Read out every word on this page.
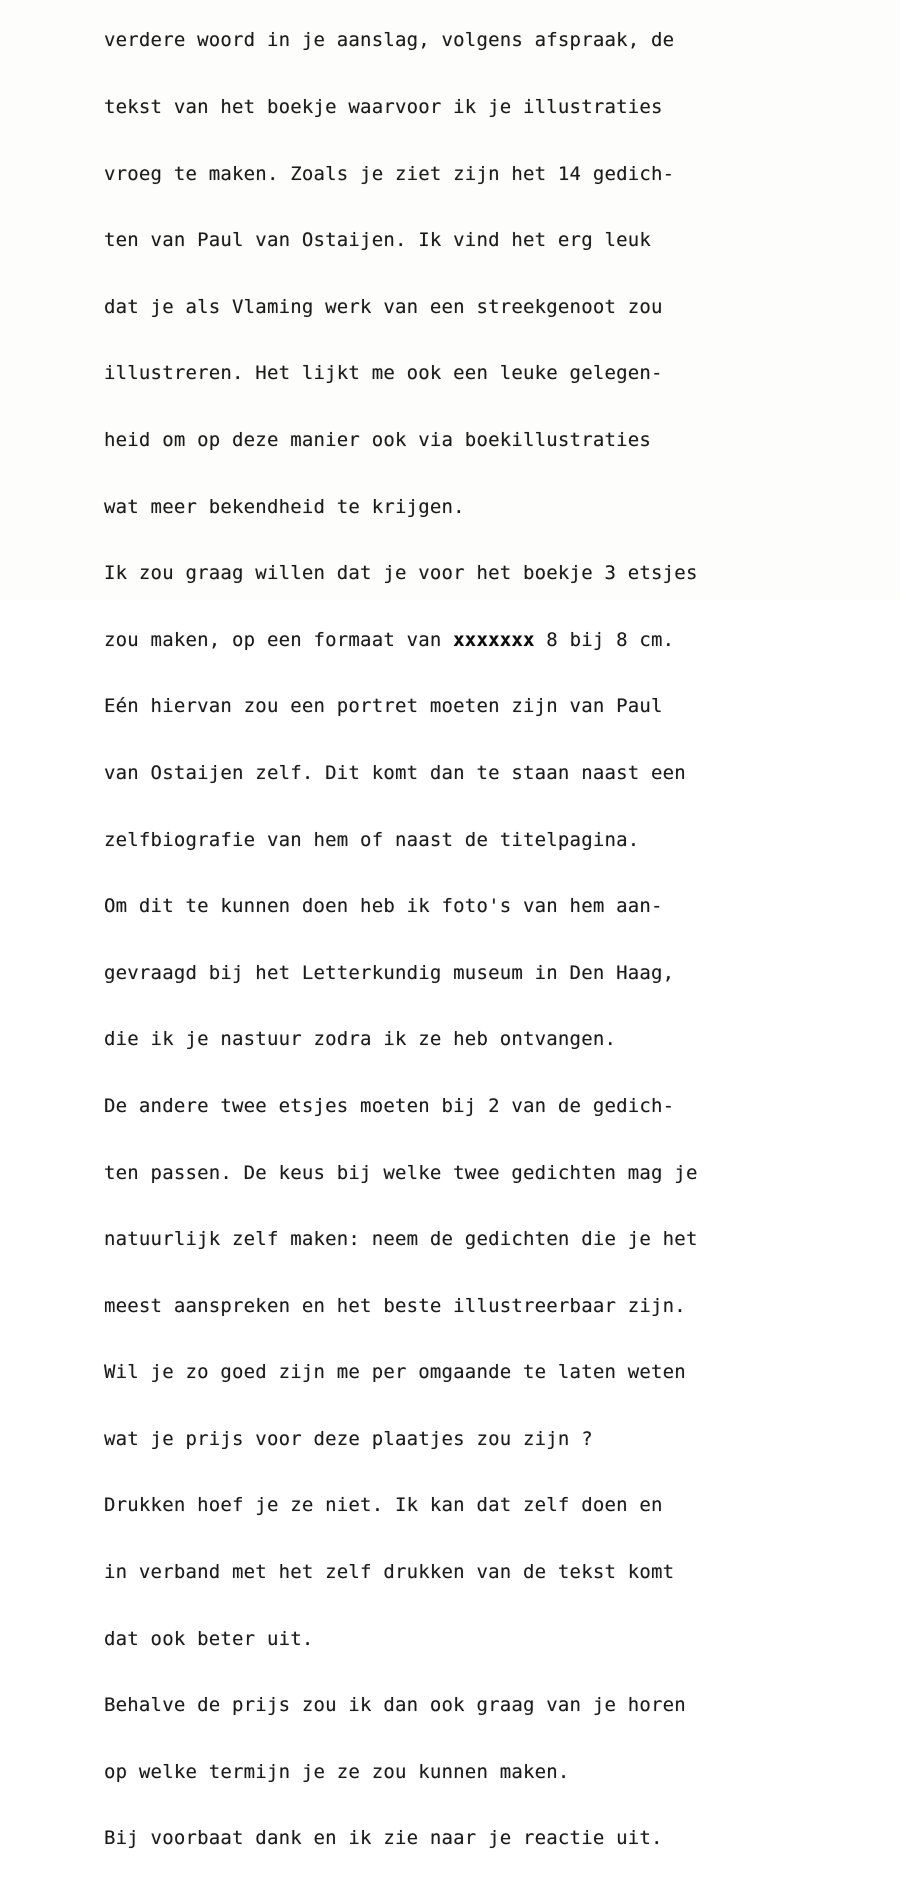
verdere woord in je aanslag, volgens afspraak, de

tekst van het boekje waarvoor ik je illustraties

vroeg te maken. Zoals je ziet zijn het 14 gedich-

ten van Paul van Ostaijen. Ik vind het erg leuk

dat je als Vlaming werk van een streekgenoot zou

illustreren. Het lijkt me ook een leuke gelegen-

heid om op deze manier ook via boekillustraties

wat meer bekendheid te krijgen.

Ik zou graag willen dat je voor het boekje 3 etsjes

zou maken, op een formaat van xxxxxxx 8 bij 8 cm.

Eén hiervan zou een portret moeten zijn van Paul

van Ostaijen zelf. Dit komt dan te staan naast een

zelfbiografie van hem of naast de titelpagina.

Om dit te kunnen doen heb ik foto's van hem aan-

gevraagd bij het Letterkundig museum in Den Haag,

die ik je nastuur zodra ik ze heb ontvangen.

De andere twee etsjes moeten bij 2 van de gedich-

ten passen. De keus bij welke twee gedichten mag je

natuurlijk zelf maken: neem de gedichten die je het

meest aanspreken en het beste illustreerbaar zijn.

Wil je zo goed zijn me per omgaande te laten weten

wat je prijs voor deze plaatjes zou zijn ?

Drukken hoef je ze niet. Ik kan dat zelf doen en

in verband met het zelf drukken van de tekst komt

dat ook beter uit.

Behalve de prijs zou ik dan ook graag van je horen

op welke termijn je ze zou kunnen maken.

Bij voorbaat dank en ik zie naar je reactie uit.
